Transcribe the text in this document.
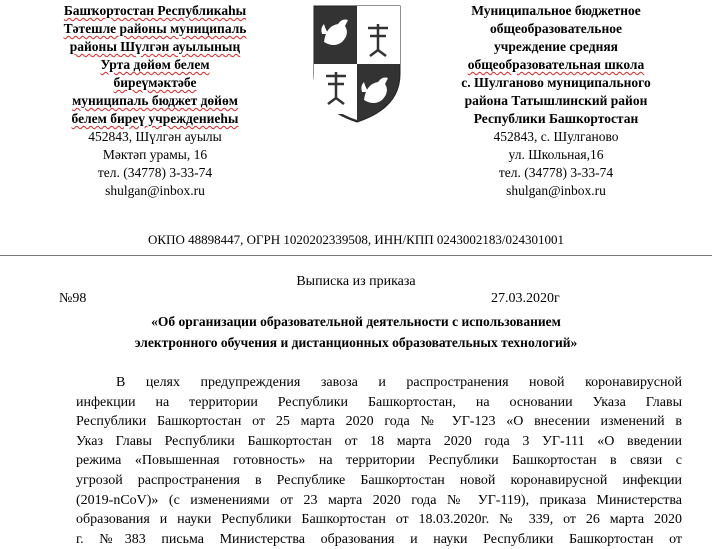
Башҡортостан Республикаһы
Тәтешле районы муниципаль
районы Шүлгән ауылының
Урта дөйөм белем
биреүмәктәбе
муниципаль бюджет дөйөм
белем биреү учреждениеһы
452843, Шүлгән ауылы
Мәктәп урамы, 16
тел. (34778) 3-33-74
shulgan@inbox.ru
Муниципальное бюджетное
общеобразовательное
учреждение средняя
общеобразовательная школа
с. Шулганово муниципального
района Татышлинский район
Республики Башкортостан
452843, с. Шулганово
ул. Школьная,16
тел. (34778) 3-33-74
shulgan@inbox.ru
ОКПО 48898447, ОГРН 1020202339508, ИНН/КПП 0243002183/024301001
Выписка из приказа
№98	27.03.2020г
«Об организации образовательной деятельности с использованием
электронного обучения и дистанционных образовательных технологий»
В целях предупреждения завоза и распространения новой коронавирусной
инфекции на территории Республики Башкортостан, на основании Указа Главы
Республики Башкортостан от 25 марта 2020 года № УГ-123 «О внесении изменений в
Указ Главы Республики Башкортостан от 18 марта 2020 года 3 УГ-111 «О введении
режима «Повышенная готовность» на территории Республики Башкортостан в связи с
угрозой распространения в Республике Башкортостан новой коронавирусной инфекции
(2019-nCoV)» (с изменениями от 23 марта 2020 года № УГ-119), приказа Министерства
образования и науки Республики Башкортостан от 18.03.2020г. № 339, от 26 марта 2020
г. №383 письма Министерства образования и науки Республики Башкортостан от
